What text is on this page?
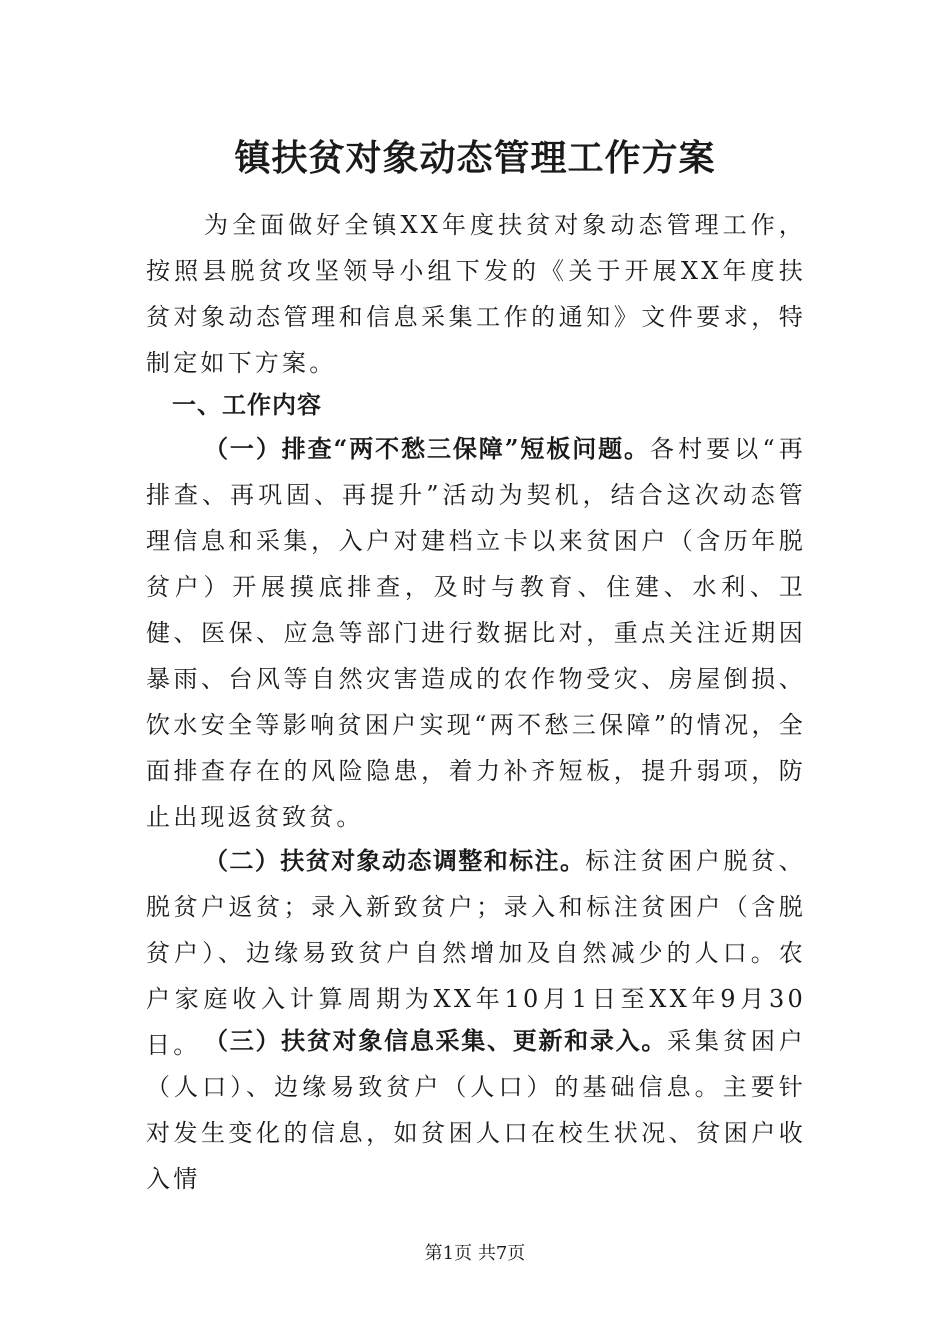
镇扶贫对象动态管理工作方案

为全面做好全镇XX年度扶贫对象动态管理工作，按照县脱贫攻坚领导小组下发的《关于开展XX年度扶贫对象动态管理和信息采集工作的通知》文件要求，特制定如下方案。

一、工作内容

（一）排查“两不愁三保障”短板问题。各村要以“再排查、再巩固、再提升”活动为契机，结合这次动态管理信息和采集，入户对建档立卡以来贫困户（含历年脱贫户）开展摸底排查，及时与教育、住建、水利、卫健、医保、应急等部门进行数据比对，重点关注近期因暴雨、台风等自然灾害造成的农作物受灾、房屋倒损、饮水安全等影响贫困户实现“两不愁三保障”的情况，全面排查存在的风险隐患，着力补齐短板，提升弱项，防止出现返贫致贫。

（二）扶贫对象动态调整和标注。标注贫困户脱贫、脱贫户返贫；录入新致贫户；录入和标注贫困户（含脱贫户）、边缘易致贫户自然增加及自然减少的人口。农户家庭收入计算周期为XX年10月1日至XX年9月30日。 （三）扶贫对象信息采集、更新和录入。采集贫困户（人口）、边缘易致贫户（人口）的基础信息。主要针对发生变化的信息，如贫困人口在校生状况、贫困户收入情

第1页 共7页
